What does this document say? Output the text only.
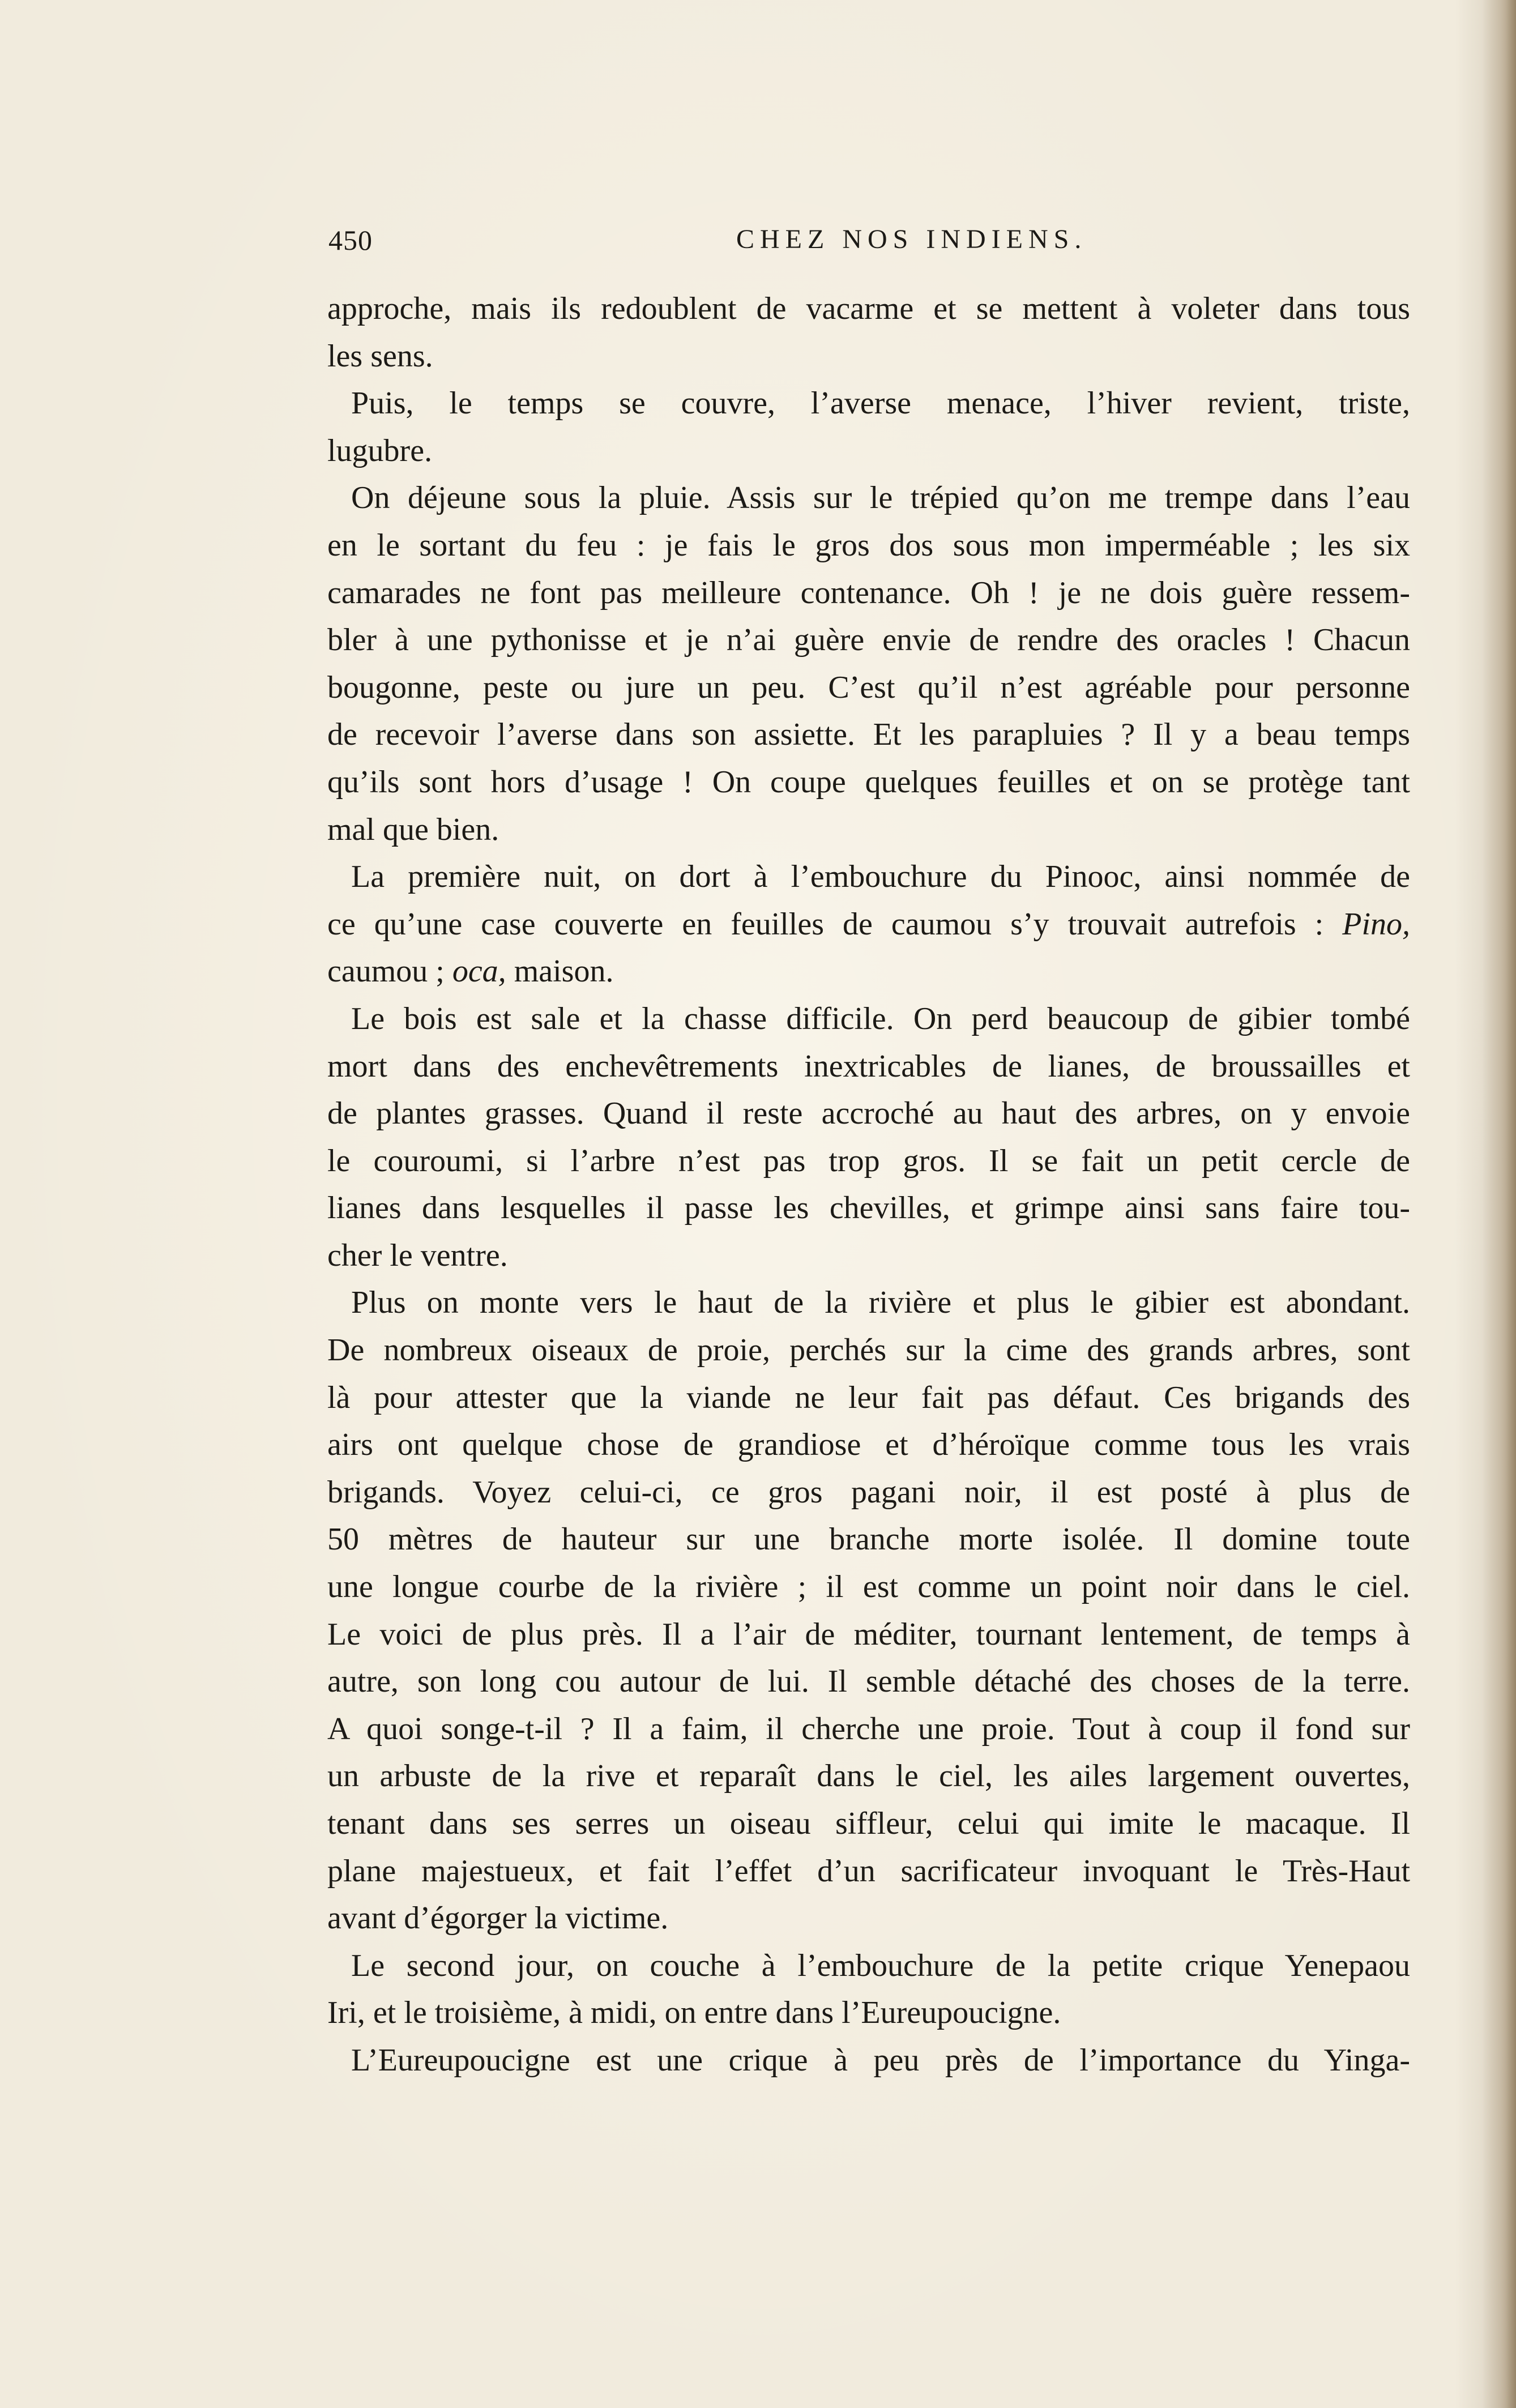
450	CHEZ NOS INDIENS.
approche, mais ils redoublent de vacarme et se mettent à voleter dans tous
les sens.
Puis, le temps se couvre, l’averse menace, l’hiver revient, triste,
lugubre.
On déjeune sous la pluie. Assis sur le trépied qu’on me trempe dans l’eau
en le sortant du feu : je fais le gros dos sous mon imperméable ; les six
camarades ne font pas meilleure contenance. Oh ! je ne dois guère ressem-
bler à une pythonisse et je n’ai guère envie de rendre des oracles ! Chacun
bougonne, peste ou jure un peu. C’est qu’il n’est agréable pour personne
de recevoir l’averse dans son assiette. Et les parapluies ? Il y a beau temps
qu’ils sont hors d’usage ! On coupe quelques feuilles et on se protège tant
mal que bien.
La première nuit, on dort à l’embouchure du Pinooc, ainsi nommée de
ce qu’une case couverte en feuilles de caumou s’y trouvait autrefois : Pino,
caumou ; oca, maison.
Le bois est sale et la chasse difficile. On perd beaucoup de gibier tombé
mort dans des enchevêtrements inextricables de lianes, de broussailles et
de plantes grasses. Quand il reste accroché au haut des arbres, on y envoie
le couroumi, si l’arbre n’est pas trop gros. Il se fait un petit cercle de
lianes dans lesquelles il passe les chevilles, et grimpe ainsi sans faire tou-
cher le ventre.
Plus on monte vers le haut de la rivière et plus le gibier est abondant.
De nombreux oiseaux de proie, perchés sur la cime des grands arbres, sont
là pour attester que la viande ne leur fait pas défaut. Ces brigands des
airs ont quelque chose de grandiose et d’héroïque comme tous les vrais
brigands. Voyez celui-ci, ce gros pagani noir, il est posté à plus de
50 mètres de hauteur sur une branche morte isolée. Il domine toute
une longue courbe de la rivière ; il est comme un point noir dans le ciel.
Le voici de plus près. Il a l’air de méditer, tournant lentement, de temps à
autre, son long cou autour de lui. Il semble détaché des choses de la terre.
A quoi songe-t-il ? Il a faim, il cherche une proie. Tout à coup il fond sur
un arbuste de la rive et reparaît dans le ciel, les ailes largement ouvertes,
tenant dans ses serres un oiseau siffleur, celui qui imite le macaque. Il
plane majestueux, et fait l’effet d’un sacrificateur invoquant le Très-Haut
avant d’égorger la victime.
Le second jour, on couche à l’embouchure de la petite crique Yenepaou
Iri, et le troisième, à midi, on entre dans l’Eureupoucigne.
L’Eureupoucigne est une crique à peu près de l’importance du Yinga-
